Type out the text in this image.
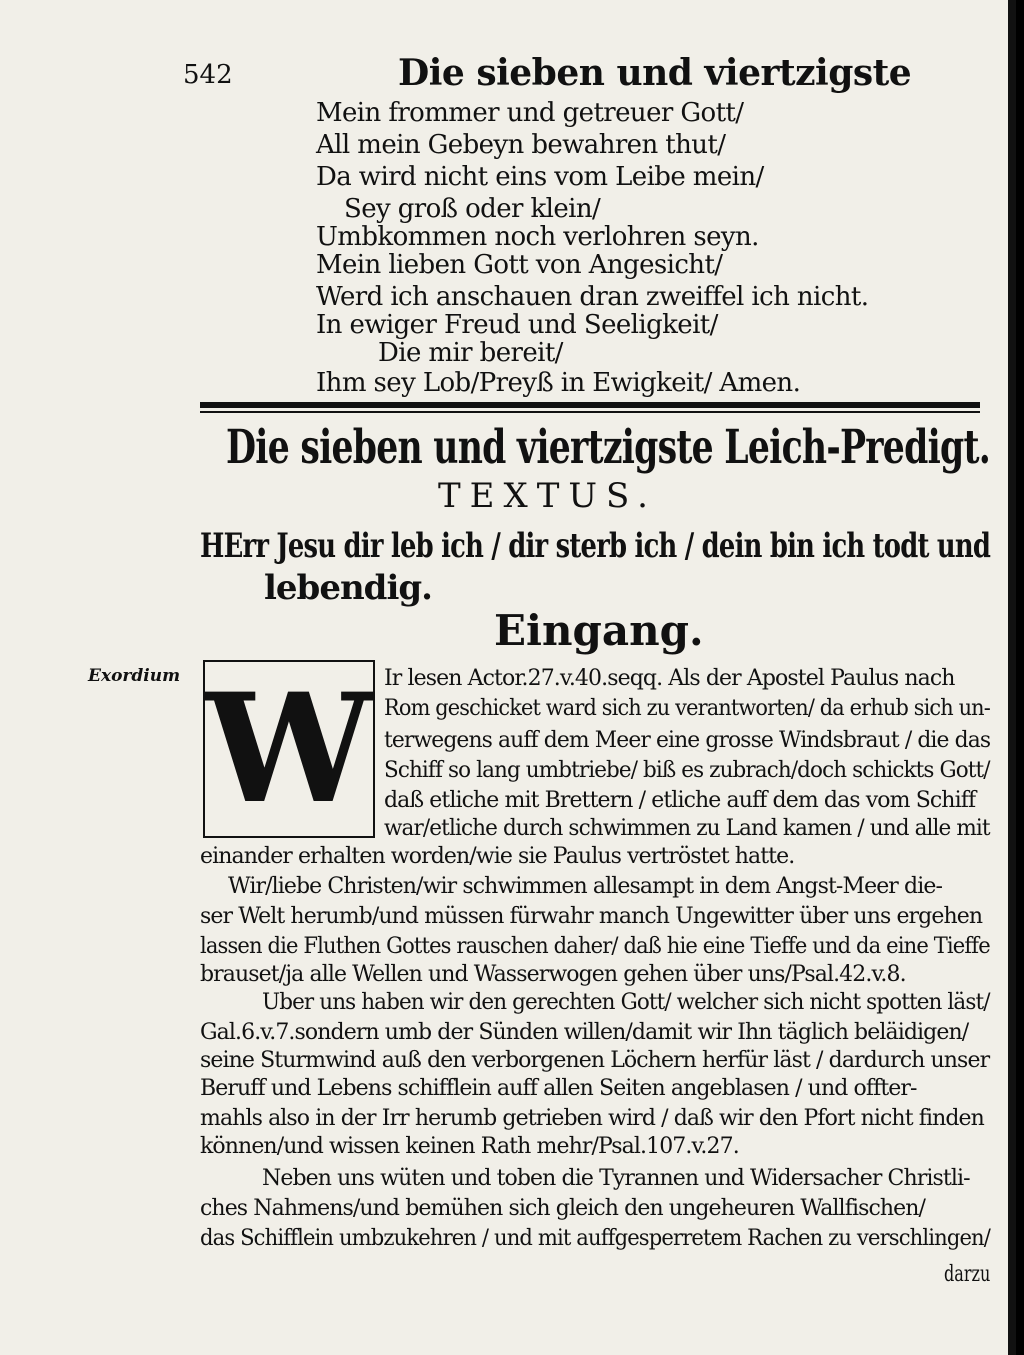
542	Die sieben und viertzigste
Mein frommer und getreuer Gott/
All mein Gebeyn bewahren thut/
Da wird nicht eins vom Leibe mein/
Sey groß oder klein/
Umbkommen noch verlohren seyn.
Mein lieben Gott von Angesicht/
Werd ich anschauen dran zweiffel ich nicht.
In ewiger Freud und Seeligkeit/
Die mir bereit/
Ihm sey Lob/Preyß in Ewigkeit/ Amen.
Die sieben und viertzigste Leich-Predigt.
TEXTUS.
HErr Jesu dir leb ich / dir sterb ich / dein bin ich todt und
lebendig.
Eingang.
Exordium W Ir lesen Actor.27.v.40.seqq. Als der Apostel Paulus nach
Rom geschicket ward sich zu verantworten/ da erhub sich un-
terwegens auff dem Meer eine grosse Windsbraut / die das
Schiff so lang umbtriebe/ biß es zubrach/doch schickts Gott/
daß etliche mit Brettern / etliche auff dem das vom Schiff
war/etliche durch schwimmen zu Land kamen / und alle mit
einander erhalten worden/wie sie Paulus vertröstet hatte.
Wir/liebe Christen/wir schwimmen allesampt in dem Angst-Meer die-
ser Welt herumb/und müssen fürwahr manch Ungewitter über uns ergehen
lassen die Fluthen Gottes rauschen daher/ daß hie eine Tieffe und da eine Tieffe
brauset/ja alle Wellen und Wasserwogen gehen über uns/Psal.42.v.8.
Uber uns haben wir den gerechten Gott/ welcher sich nicht spotten läst/
Gal.6.v.7.sondern umb der Sünden willen/damit wir Ihn täglich beläidigen/
seine Sturmwind auß den verborgenen Löchern herfür läst / dardurch unser
Beruff und Lebens schifflein auff allen Seiten angeblasen / und offter-
mahls also in der Irr herumb getrieben wird / daß wir den Pfort nicht finden
können/und wissen keinen Rath mehr/Psal.107.v.27.
Neben uns wüten und toben die Tyrannen und Widersacher Christli-
ches Nahmens/und bemühen sich gleich den ungeheuren Wallfischen/
das Schifflein umbzukehren / und mit auffgesperretem Rachen zu verschlingen/
darzu
